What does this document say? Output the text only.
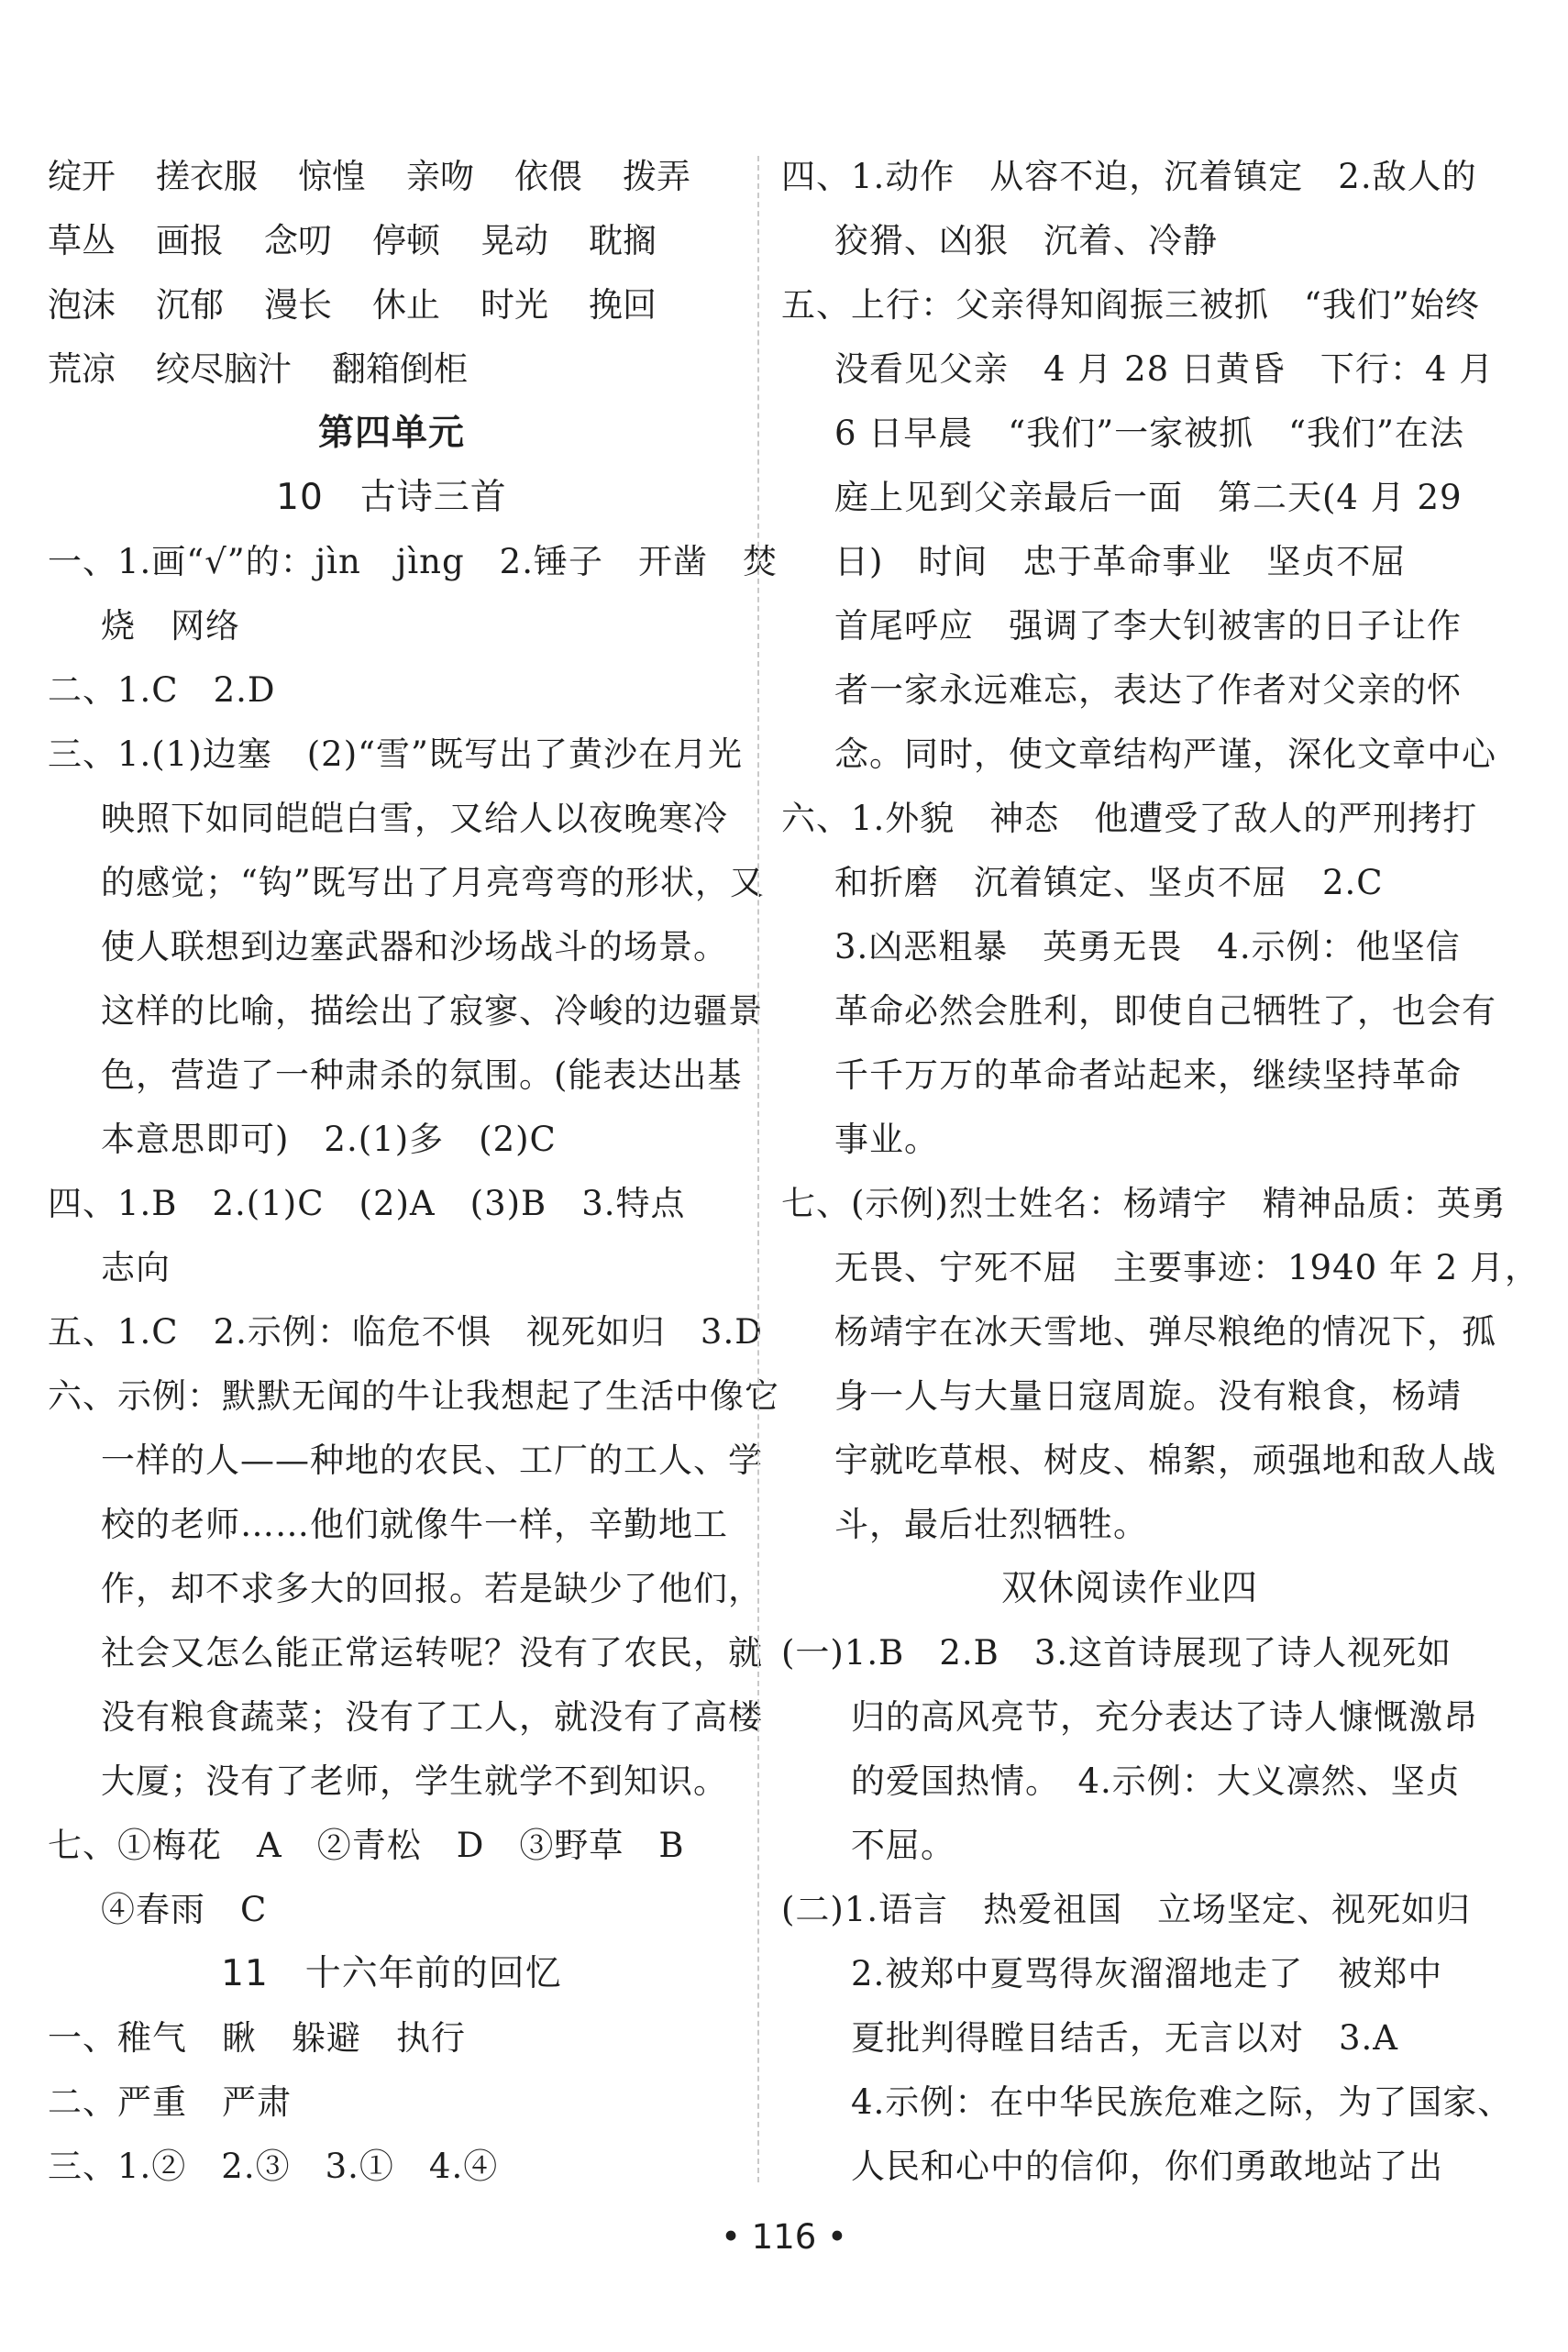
绽开 搓衣服 惊惶 亲吻 依偎 拨弄
草丛 画报 念叨 停顿 晃动 耽搁
泡沫 沉郁 漫长 休止 时光 挽回
荒凉 绞尽脑汁 翻箱倒柜
第四单元
10　古诗三首
一、1.画“√”的：jìn　jìng　2.锤子　开凿　焚
烧　网络
二、1.C　2.D
三、1.(1)边塞　(2)“雪”既写出了黄沙在月光
映照下如同皑皑白雪，又给人以夜晚寒冷
的感觉；“钩”既写出了月亮弯弯的形状，又
使人联想到边塞武器和沙场战斗的场景。
这样的比喻，描绘出了寂寥、冷峻的边疆景
色，营造了一种肃杀的氛围。(能表达出基
本意思即可)　2.(1)多　(2)C
四、1.B　2.(1)C　(2)A　(3)B　3.特点
志向
五、1.C　2.示例：临危不惧　视死如归　3.D
六、示例：默默无闻的牛让我想起了生活中像它
一样的人——种地的农民、工厂的工人、学
校的老师……他们就像牛一样，辛勤地工
作，却不求多大的回报。若是缺少了他们，
社会又怎么能正常运转呢？没有了农民，就
没有粮食蔬菜；没有了工人，就没有了高楼
大厦；没有了老师，学生就学不到知识。
七、①梅花　A　②青松　D　③野草　B
④春雨　C
11　十六年前的回忆
一、稚气　瞅　躲避　执行
二、严重　严肃
三、1.②　2.③　3.①　4.④
四、1.动作　从容不迫，沉着镇定　2.敌人的
狡猾、凶狠　沉着、冷静
五、上行：父亲得知阎振三被抓　“我们”始终
没看见父亲　4 月 28 日黄昏　下行：4 月
6 日早晨　“我们”一家被抓　“我们”在法
庭上见到父亲最后一面　第二天(4 月 29
日)　时间　忠于革命事业　坚贞不屈
首尾呼应　强调了李大钊被害的日子让作
者一家永远难忘，表达了作者对父亲的怀
念。同时，使文章结构严谨，深化文章中心
六、1.外貌　神态　他遭受了敌人的严刑拷打
和折磨　沉着镇定、坚贞不屈　2.C
3.凶恶粗暴　英勇无畏　4.示例：他坚信
革命必然会胜利，即使自己牺牲了，也会有
千千万万的革命者站起来，继续坚持革命
事业。
七、(示例)烈士姓名：杨靖宇　精神品质：英勇
无畏、宁死不屈　主要事迹：1940 年 2 月，
杨靖宇在冰天雪地、弹尽粮绝的情况下，孤
身一人与大量日寇周旋。没有粮食，杨靖
宇就吃草根、树皮、棉絮，顽强地和敌人战
斗，最后壮烈牺牲。
双休阅读作业四
(一)1.B　2.B　3.这首诗展现了诗人视死如
归的高风亮节，充分表达了诗人慷慨激昂
的爱国热情。　4.示例：大义凛然、坚贞
不屈。
(二)1.语言　热爱祖国　立场坚定、视死如归
2.被郑中夏骂得灰溜溜地走了　被郑中
夏批判得瞠目结舌，无言以对　3.A
4.示例：在中华民族危难之际，为了国家、
人民和心中的信仰，你们勇敢地站了出
• 116 •
